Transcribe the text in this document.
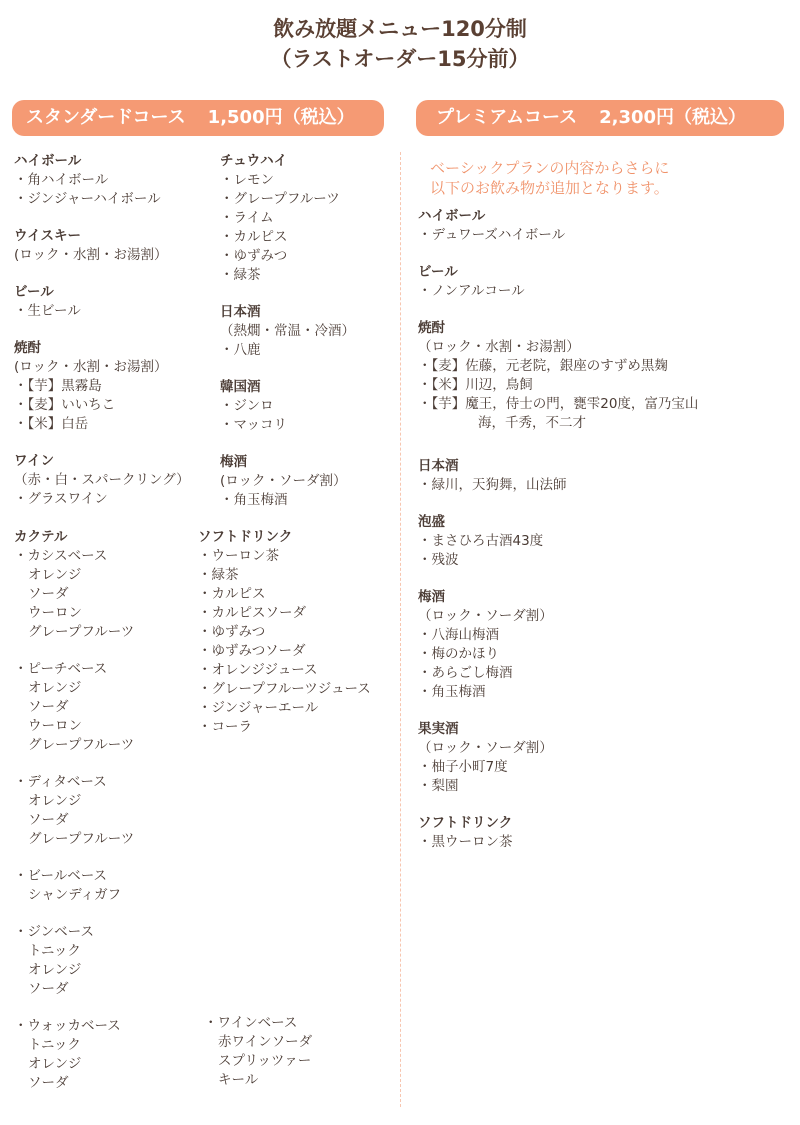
飲み放題メニュー120分制
（ラストオーダー15分前）
スタンダードコース 1,500円（税込）	プレミアムコース 2,300円（税込）
ハイボール
・角ハイボール
・ジンジャーハイボール
ウイスキー
(ロック・水割・お湯割）
ビール
・生ビール
焼酎
(ロック・水割・お湯割）
・【芋】黒霧島
・【麦】いいちこ
・【米】白岳
ワイン
（赤・白・スパークリング）
・グラスワイン
カクテル
・カシスベース
オレンジ
ソーダ
ウーロン
グレープフルーツ
・ピーチベース
オレンジ
ソーダ
ウーロン
グレープフルーツ
・ディタベース
オレンジ
ソーダ
グレープフルーツ
・ビールベース
シャンディガフ
・ジンベース
トニック
オレンジ
ソーダ
・ウォッカベース
トニック
オレンジ
ソーダ
・ワインベース
赤ワインソーダ
スプリッツァー
キール
チュウハイ
・レモン
・グレープフルーツ
・ライム
・カルピス
・ゆずみつ
・緑茶
日本酒
（熱燗・常温・冷酒）
・八鹿
韓国酒
・ジンロ
・マッコリ
梅酒
(ロック・ソーダ割）
・角玉梅酒
ソフトドリンク
・ウーロン茶
・緑茶
・カルピス
・カルピスソーダ
・ゆずみつ
・ゆずみつソーダ
・オレンジジュース
・グレープフルーツジュース
・ジンジャーエール
・コーラ
ベーシックプランの内容からさらに
以下のお飲み物が追加となります。
ハイボール
・デュワーズハイボール
ビール
・ノンアルコール
焼酎
（ロック・水割・お湯割）
・【麦】佐藤，元老院，銀座のすずめ黒麹
・【米】川辺，鳥飼
・【芋】魔王，侍士の門，甕雫20度，富乃宝山
海，千秀，不二才
日本酒
・緑川，天狗舞，山法師
泡盛
・まさひろ古酒43度
・残波
梅酒
（ロック・ソーダ割）
・八海山梅酒
・梅のかほり
・あらごし梅酒
・角玉梅酒
果実酒
（ロック・ソーダ割）
・柚子小町7度
・梨園
ソフトドリンク
・黒ウーロン茶
